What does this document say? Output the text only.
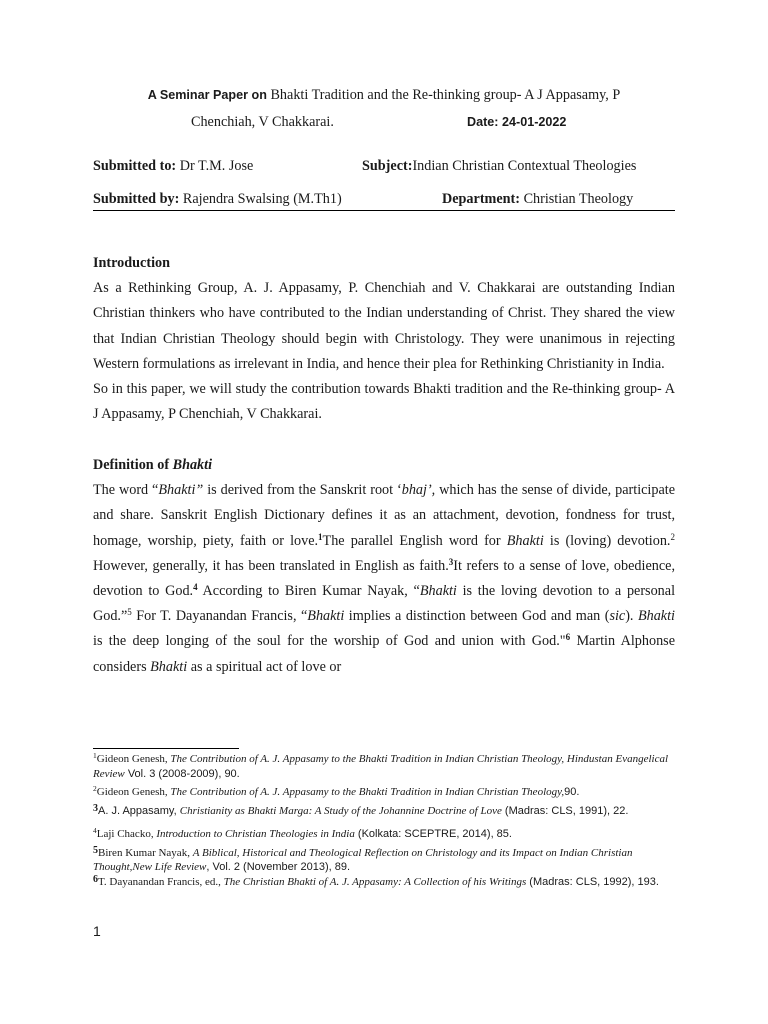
A Seminar Paper on Bhakti Tradition and the Re-thinking group- A J Appasamy, P
Chenchiah, V Chakkarai.	Date: 24-01-2022
Submitted to: Dr T.M. Jose	Subject:Indian Christian Contextual Theologies
Submitted by: Rajendra Swalsing (M.Th1)	Department: Christian Theology
Introduction

As a Rethinking Group, A. J. Appasamy, P. Chenchiah and V. Chakkarai are outstanding Indian Christian thinkers who have contributed to the Indian understanding of Christ. They shared the view that Indian Christian Theology should begin with Christology. They were unanimous in rejecting Western formulations as irrelevant in India, and hence their plea for Rethinking Christianity in India.

So in this paper, we will study the contribution towards Bhakti tradition and the Re-thinking group- A J Appasamy, P Chenchiah, V Chakkarai.

Definition of Bhakti

The word “Bhakti” is derived from the Sanskrit root ‘bhaj’, which has the sense of divide, participate and share. Sanskrit English Dictionary defines it as an attachment, devotion, fondness for trust, homage, worship, piety, faith or love.$^1$The parallel English word for Bhakti is (loving) devotion.$^2$ However, generally, it has been translated in English as faith.$^3$It refers to a sense of love, obedience, devotion to God.$^4$ According to Biren Kumar Nayak, “Bhakti is the loving devotion to a personal God.”$^5$ For T. Dayanandan Francis, “Bhakti implies a distinction between God and man (sic). Bhakti is the deep longing of the soul for the worship of God and union with God."$^6$ Martin Alphonse considers Bhakti as a spiritual act of love or

$^1$Gideon Genesh, The Contribution of A. J. Appasamy to the Bhakti Tradition in Indian Christian Theology, Hindustan Evangelical Review Vol. 3 (2008-2009), 90.

$^2$Gideon Genesh, The Contribution of A. J. Appasamy to the Bhakti Tradition in Indian Christian Theology,90.

$^3$A. J. Appasamy, Christianity as Bhakti Marga: A Study of the Johannine Doctrine of Love (Madras: CLS, 1991), 22.

$^4$Laji Chacko, Introduction to Christian Theologies in India (Kolkata: SCEPTRE, 2014), 85.

$^5$Biren Kumar Nayak, A Biblical, Historical and Theological Reflection on Christology and its Impact on Indian Christian Thought,New Life Review, Vol. 2 (November 2013), 89.

$^6$T. Dayanandan Francis, ed., The Christian Bhakti of A. J. Appasamy: A Collection of his Writings (Madras: CLS, 1992), 193.

1
